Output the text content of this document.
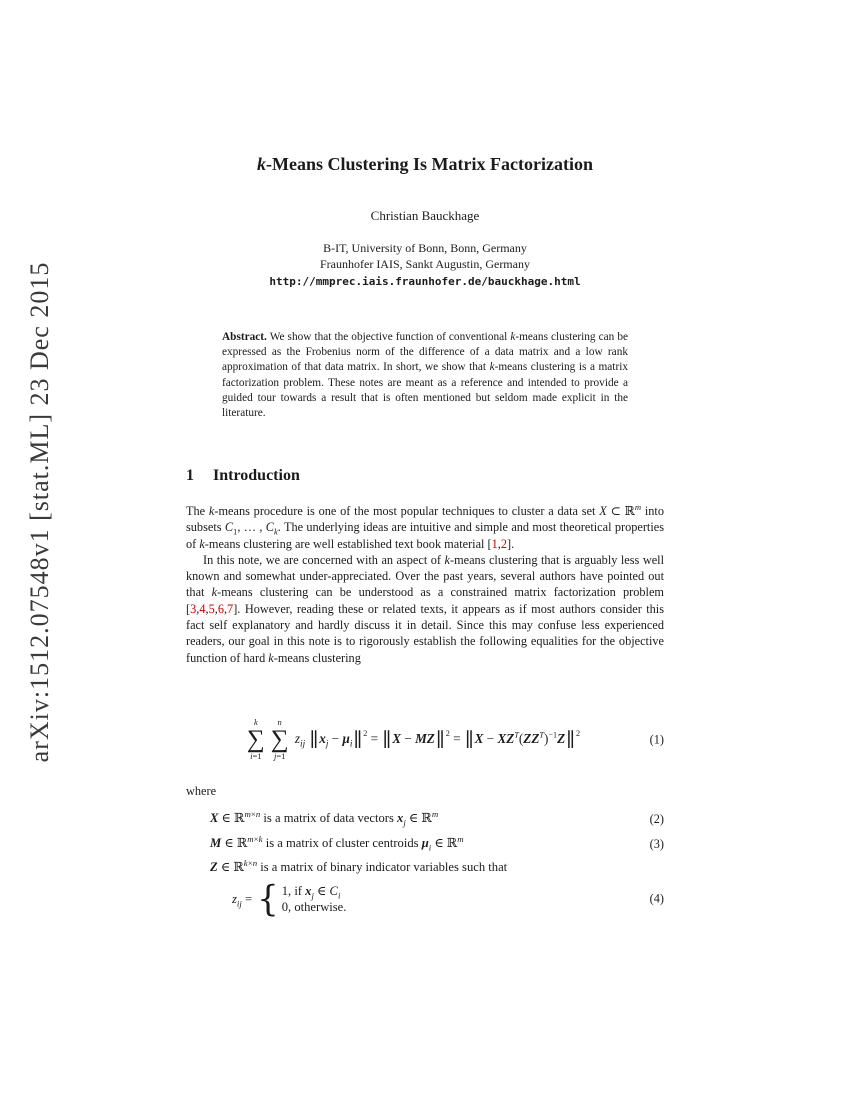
arXiv:1512.07548v1 [stat.ML] 23 Dec 2015
k-Means Clustering Is Matrix Factorization
Christian Bauckhage
B-IT, University of Bonn, Bonn, Germany
Fraunhofer IAIS, Sankt Augustin, Germany
http://mmprec.iais.fraunhofer.de/bauckhage.html
Abstract. We show that the objective function of conventional k-means clustering can be expressed as the Frobenius norm of the difference of a data matrix and a low rank approximation of that data matrix. In short, we show that k-means clustering is a matrix factorization problem. These notes are meant as a reference and intended to provide a guided tour towards a result that is often mentioned but seldom made explicit in the literature.
1 Introduction

The k-means procedure is one of the most popular techniques to cluster a data set X ⊂ ℝ$^m$ into subsets $C_1$, … , $C_k$. The underlying ideas are intuitive and simple and most theoretical properties of k-means clustering are well established text book material [1,2].

In this note, we are concerned with an aspect of k-means clustering that is arguably less well known and somewhat under-appreciated. Over the past years, several authors have pointed out that k-means clustering can be understood as a constrained matrix factorization problem [3,4,5,6,7]. However, reading these or related texts, it appears as if most authors consider this fact self explanatory and hardly discuss it in detail. Since this may confuse less experienced readers, our goal in this note is to rigorously establish the following equalities for the objective function of hard k-means clustering

k
∑
i=1
n
∑
j=1
$z_{ij}$ $\parallel x_j$ − $\mu_i\parallel^2$ = ∥X − MZ∥$^2$ = ∥X − $XZ^T(ZZ^T)^{-1}Z\parallel^2$	(1)
where
X ∈ ℝ$^{m\times n}$ is a matrix of data vectors $x_j$ ∈ ℝ$^m$	(2)
M ∈ ℝ$^{m\times k}$ is a matrix of cluster centroids $\mu_i$ ∈ ℝ$^m$	(3)
Z ∈ ℝ$^{k\times n}$ is a matrix of binary indicator variables such that
$z_{ij}$ = { 1, if $x_j$ ∈ $C_i$
0, otherwise.
(4)
